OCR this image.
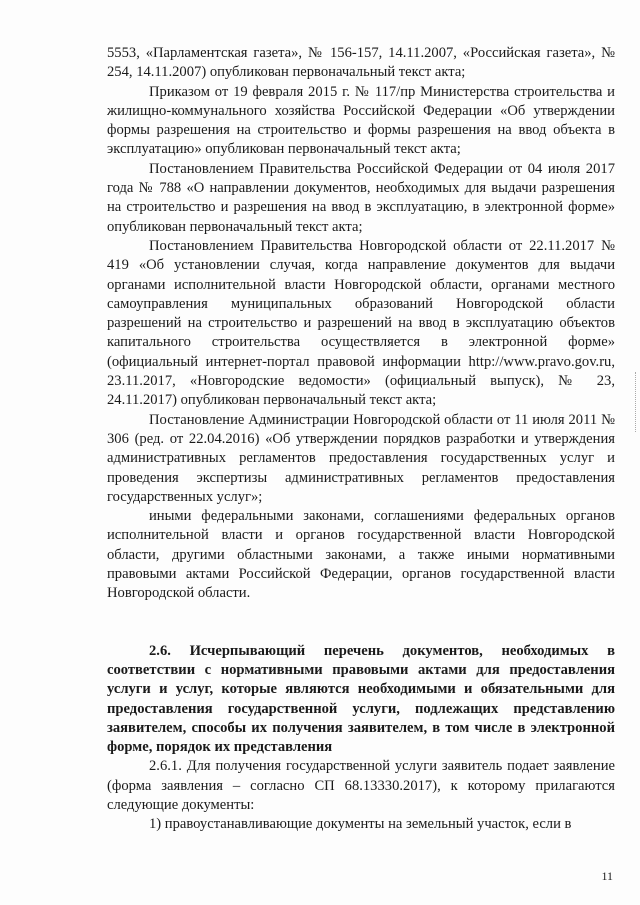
5553, «Парламентская газета», № 156-157, 14.11.2007, «Российская газета», № 254, 14.11.2007) опубликован первоначальный текст акта;

Приказом от 19 февраля 2015 г. № 117/пр Министерства строительства и жилищно-коммунального хозяйства Российской Федерации «Об утверждении формы разрешения на строительство и формы разрешения на ввод объекта в эксплуатацию» опубликован первоначальный текст акта;

Постановлением Правительства Российской Федерации от 04 июля 2017 года № 788 «О направлении документов, необходимых для выдачи разрешения на строительство и разрешения на ввод в эксплуатацию, в электронной форме» опубликован первоначальный текст акта;

Постановлением Правительства Новгородской области от 22.11.2017 № 419 «Об установлении случая, когда направление документов для выдачи органами исполнительной власти Новгородской области, органами местного самоуправления муниципальных образований Новгородской области разрешений на строительство и разрешений на ввод в эксплуатацию объектов капитального строительства осуществляется в электронной форме» (официальный интернет-портал правовой информации http://www.pravo.gov.ru, 23.11.2017, «Новгородские ведомости» (официальный выпуск), № 23, 24.11.2017) опубликован первоначальный текст акта;

Постановление Администрации Новгородской области от 11 июля 2011 № 306 (ред. от 22.04.2016) «Об утверждении порядков разработки и утверждения административных регламентов предоставления государственных услуг и проведения экспертизы административных регламентов предоставления государственных услуг»;

иными федеральными законами, соглашениями федеральных органов исполнительной власти и органов государственной власти Новгородской области, другими областными законами, а также иными нормативными правовыми актами Российской Федерации, органов государственной власти Новгородской области.

2.6. Исчерпывающий перечень документов, необходимых в соответствии с нормативными правовыми актами для предоставления услуги и услуг, которые являются необходимыми и обязательными для предоставления государственной услуги, подлежащих представлению заявителем, способы их получения заявителем, в том числе в электронной форме, порядок их представления

2.6.1. Для получения государственной услуги заявитель подает заявление (форма заявления – согласно СП 68.13330.2017), к которому прилагаются следующие документы:

1) правоустанавливающие документы на земельный участок, если в

11
